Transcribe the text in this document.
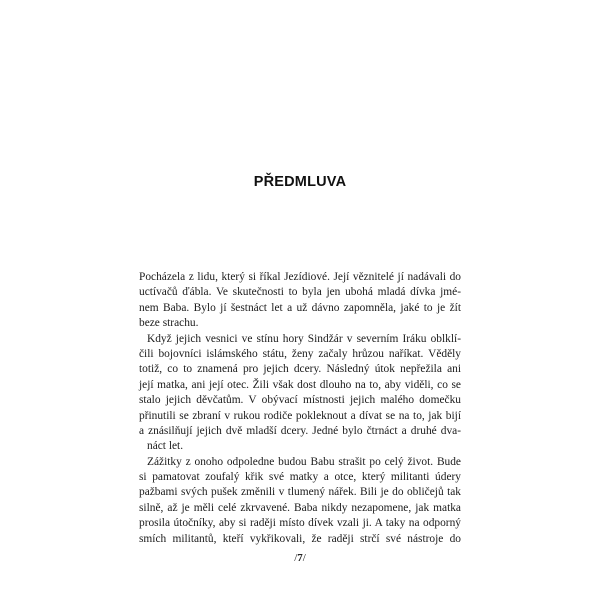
PŘEDMLUVA

Pocházela z lidu, který si říkal Jezídiové. Její věznitelé jí nadávali do
uctívačů ďábla. Ve skutečnosti to byla jen ubohá mladá dívka jmé-
nem Baba. Bylo jí šestnáct let a už dávno zapomněla, jaké to je žít
beze strachu.

Když jejich vesnici ve stínu hory Sindžár v severním Iráku oblklí-
čili bojovníci islámského státu, ženy začaly hrůzou naříkat. Věděly
totiž, co to znamená pro jejich dcery. Následný útok nepřežila ani
její matka, ani její otec. Žili však dost dlouho na to, aby viděli, co se
stalo jejich děvčatům. V obývací místnosti jejich malého domečku
přinutili se zbraní v rukou rodiče pokleknout a dívat se na to, jak bijí
a znásilňují jejich dvě mladší dcery. Jedné bylo čtrnáct a druhé dva-
náct let.

Zážitky z onoho odpoledne budou Babu strašit po celý život. Bude
si pamatovat zoufalý křik své matky a otce, který militanti údery
pažbami svých pušek změnili v tlumený nářek. Bili je do obličejů tak
silně, až je měli celé zkrvavené. Baba nikdy nezapomene, jak matka
prosila útočníky, aby si raději místo dívek vzali ji. A taky na odporný
smích militantů, kteří vykřikovali, že raději strčí své nástroje do

/7/
